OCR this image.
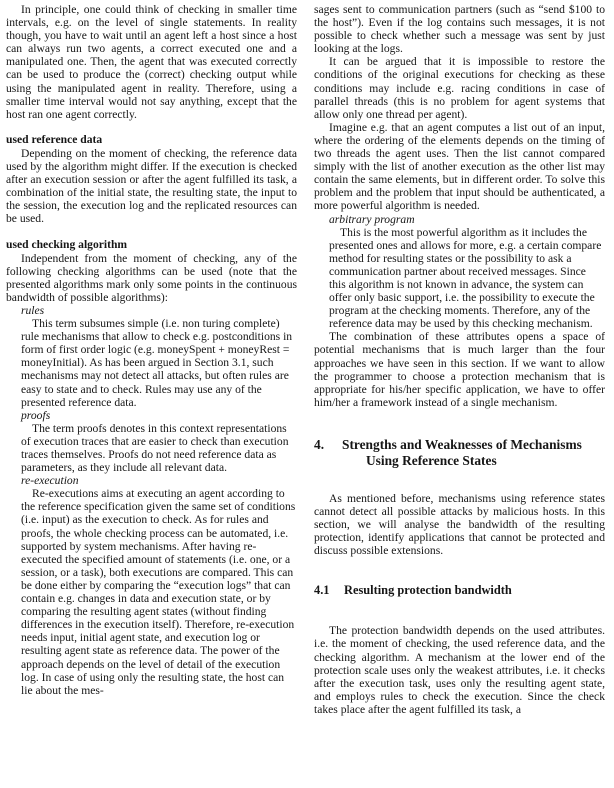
In principle, one could think of checking in smaller time intervals, e.g. on the level of single statements. In reality though, you have to wait until an agent left a host since a host can always run two agents, a correct executed one and a manipulated one. Then, the agent that was executed correctly can be used to produce the (correct) checking output while using the manipulated agent in reality. Therefore, using a smaller time interval would not say anything, except that the host ran one agent correctly.

used reference data

Depending on the moment of checking, the reference data used by the algorithm might differ. If the execution is checked after an execution session or after the agent fulfilled its task, a combination of the initial state, the resulting state, the input to the session, the execution log and the replicated resources can be used.

used checking algorithm

Independent from the moment of checking, any of the following checking algorithms can be used (note that the presented algorithms mark only some points in the continuous bandwidth of possible algorithms):

rules

This term subsumes simple (i.e. non turing complete) rule mechanisms that allow to check e.g. postconditions in form of first order logic (e.g. moneySpent + moneyRest = moneyInitial). As has been argued in Section 3.1, such mechanisms may not detect all attacks, but often rules are easy to state and to check. Rules may use any of the presented reference data.

proofs

The term proofs denotes in this context representations of execution traces that are easier to check than execution traces themselves. Proofs do not need reference data as parameters, as they include all relevant data.

re-execution

Re-executions aims at executing an agent according to the reference specification given the same set of conditions (i.e. input) as the execution to check. As for rules and proofs, the whole checking process can be automated, i.e. supported by system mechanisms. After having re-executed the specified amount of statements (i.e. one, or a session, or a task), both executions are compared. This can be done either by comparing the “execution logs” that can contain e.g. changes in data and execution state, or by comparing the resulting agent states (without finding differences in the execution itself). Therefore, re-execution needs input, initial agent state, and execution log or resulting agent state as reference data. The power of the approach depends on the level of detail of the execution log. In case of using only the resulting state, the host can lie about the mes-

sages sent to communication partners (such as “send $100 to the host”). Even if the log contains such messages, it is not possible to check whether such a message was sent by just looking at the logs.

It can be argued that it is impossible to restore the conditions of the original executions for checking as these conditions may include e.g. racing conditions in case of parallel threads (this is no problem for agent systems that allow only one thread per agent).

Imagine e.g. that an agent computes a list out of an input, where the ordering of the elements depends on the timing of two threads the agent uses. Then the list cannot compared simply with the list of another execution as the other list may contain the same elements, but in different order. To solve this problem and the problem that input should be authenticated, a more powerful algorithm is needed.

arbitrary program

This is the most powerful algorithm as it includes the presented ones and allows for more, e.g. a certain compare method for resulting states or the possibility to ask a communication partner about received messages. Since this algorithm is not known in advance, the system can offer only basic support, i.e. the possibility to execute the program at the checking moments. Therefore, any of the reference data may be used by this checking mechanism.

The combination of these attributes opens a space of potential mechanisms that is much larger than the four approaches we have seen in this section. If we want to allow the programmer to choose a protection mechanism that is appropriate for his/her specific application, we have to offer him/her a framework instead of a single mechanism.

4.	Strengths and Weaknesses of Mechanisms Using Reference States

As mentioned before, mechanisms using reference states cannot detect all possible attacks by malicious hosts. In this section, we will analyse the bandwidth of the resulting protection, identify applications that cannot be protected and discuss possible extensions.

4.1	Resulting protection bandwidth

The protection bandwidth depends on the used attributes. i.e. the moment of checking, the used reference data, and the checking algorithm. A mechanism at the lower end of the protection scale uses only the weakest attributes, i.e. it checks after the execution task, uses only the resulting agent state, and employs rules to check the execution. Since the check takes place after the agent fulfilled its task, a
